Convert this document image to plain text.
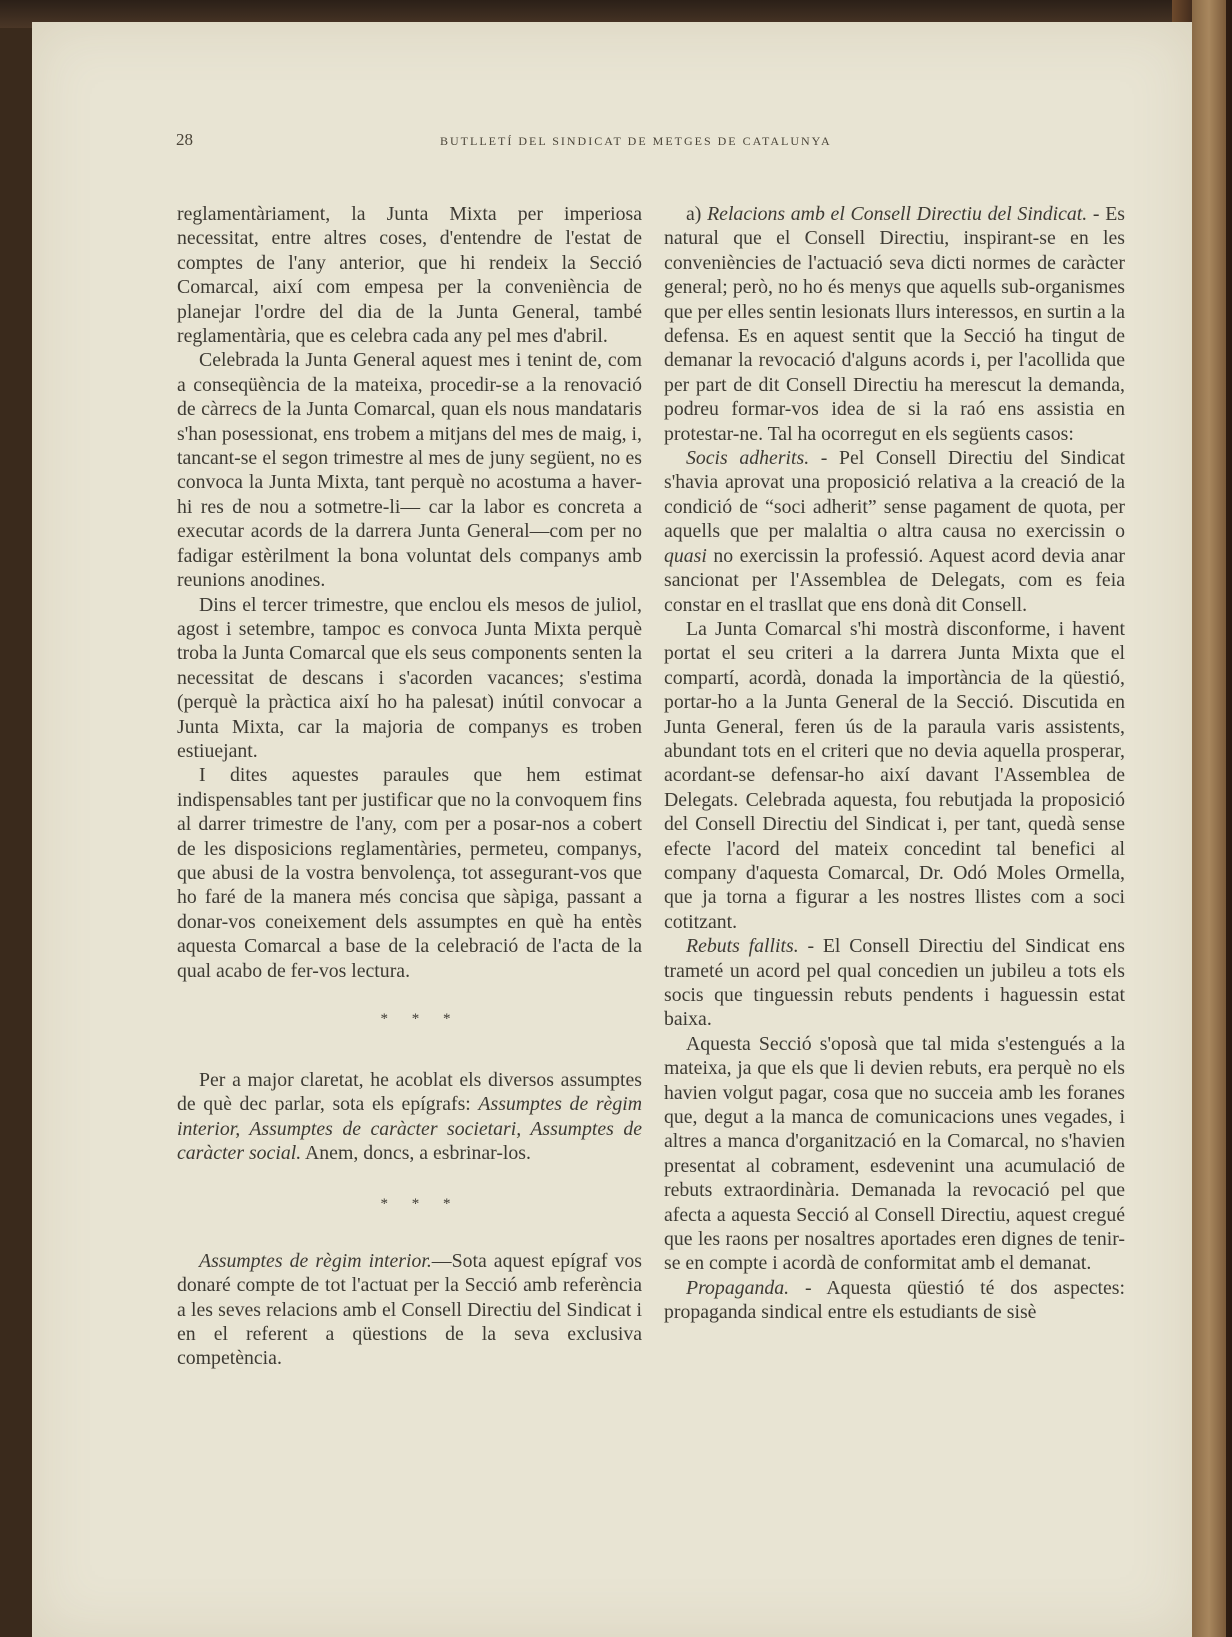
28	BUTLLETÍ DEL SINDICAT DE METGES DE CATALUNYA

reglamentàriament, la Junta Mixta per imperiosa necessitat, entre altres coses, d'entendre de l'estat de comptes de l'any anterior, que hi rendeix la Secció Comarcal, així com empesa per la conveniència de planejar l'ordre del dia de la Junta General, també reglamentària, que es celebra cada any pel mes d'abril.

Celebrada la Junta General aquest mes i tenint de, com a conseqüència de la mateixa, procedir-se a la renovació de càrrecs de la Junta Comarcal, quan els nous mandataris s'han posessionat, ens trobem a mitjans del mes de maig, i, tancant-se el segon trimestre al mes de juny següent, no es convoca la Junta Mixta, tant perquè no acostuma a haver-hi res de nou a sotmetre-li— car la labor es concreta a executar acords de la darrera Junta General—com per no fadigar estèrilment la bona voluntat dels companys amb reunions anodines.

Dins el tercer trimestre, que enclou els mesos de juliol, agost i setembre, tampoc es convoca Junta Mixta perquè troba la Junta Comarcal que els seus components senten la necessitat de descans i s'acorden vacances; s'estima (perquè la pràctica així ho ha palesat) inútil convocar a Junta Mixta, car la majoria de companys es troben estiuejant.

I dites aquestes paraules que hem estimat indispensables tant per justificar que no la convoquem fins al darrer trimestre de l'any, com per a posar-nos a cobert de les disposicions reglamentàries, permeteu, companys, que abusi de la vostra benvolença, tot assegurant-vos que ho faré de la manera més concisa que sàpiga, passant a donar-vos coneixement dels assumptes en què ha entès aquesta Comarcal a base de la celebració de l'acta de la qual acabo de fer-vos lectura.

* * *

Per a major claretat, he acoblat els diversos assumptes de què dec parlar, sota els epígrafs: Assumptes de règim interior, Assumptes de caràcter societari, Assumptes de caràcter social. Anem, doncs, a esbrinar-los.

* * *

Assumptes de règim interior.—Sota aquest epígraf vos donaré compte de tot l'actuat per la Secció amb referència a les seves relacions amb el Consell Directiu del Sindicat i en el referent a qüestions de la seva exclusiva competència.

a) Relacions amb el Consell Directiu del Sindicat. - Es natural que el Consell Directiu, inspirant-se en les conveniències de l'actuació seva dicti normes de caràcter general; però, no ho és menys que aquells sub-organismes que per elles sentin lesionats llurs interessos, en surtin a la defensa. Es en aquest sentit que la Secció ha tingut de demanar la revocació d'alguns acords i, per l'acollida que per part de dit Consell Directiu ha merescut la demanda, podreu formar-vos idea de si la raó ens assistia en protestar-ne. Tal ha ocorregut en els següents casos:

Socis adherits. - Pel Consell Directiu del Sindicat s'havia aprovat una proposició relativa a la creació de la condició de “soci adherit” sense pagament de quota, per aquells que per malaltia o altra causa no exercissin o quasi no exercissin la professió. Aquest acord devia anar sancionat per l'Assemblea de Delegats, com es feia constar en el trasllat que ens donà dit Consell.

La Junta Comarcal s'hi mostrà disconforme, i havent portat el seu criteri a la darrera Junta Mixta que el compartí, acordà, donada la importància de la qüestió, portar-ho a la Junta General de la Secció. Discutida en Junta General, feren ús de la paraula varis assistents, abundant tots en el criteri que no devia aquella prosperar, acordant-se defensar-ho així davant l'Assemblea de Delegats. Celebrada aquesta, fou rebutjada la proposició del Consell Directiu del Sindicat i, per tant, quedà sense efecte l'acord del mateix concedint tal benefici al company d'aquesta Comarcal, Dr. Odó Moles Ormella, que ja torna a figurar a les nostres llistes com a soci cotitzant.

Rebuts fallits. - El Consell Directiu del Sindicat ens trameté un acord pel qual concedien un jubileu a tots els socis que tinguessin rebuts pendents i haguessin estat baixa.

Aquesta Secció s'oposà que tal mida s'estengués a la mateixa, ja que els que li devien rebuts, era perquè no els havien volgut pagar, cosa que no succeia amb les foranes que, degut a la manca de comunicacions unes vegades, i altres a manca d'organització en la Comarcal, no s'havien presentat al cobrament, esdevenint una acumulació de rebuts extraordinària. Demanada la revocació pel que afecta a aquesta Secció al Consell Directiu, aquest cregué que les raons per nosaltres aportades eren dignes de tenir-se en compte i acordà de conformitat amb el demanat.

Propaganda. - Aquesta qüestió té dos aspectes: propaganda sindical entre els estudiants de sisè
